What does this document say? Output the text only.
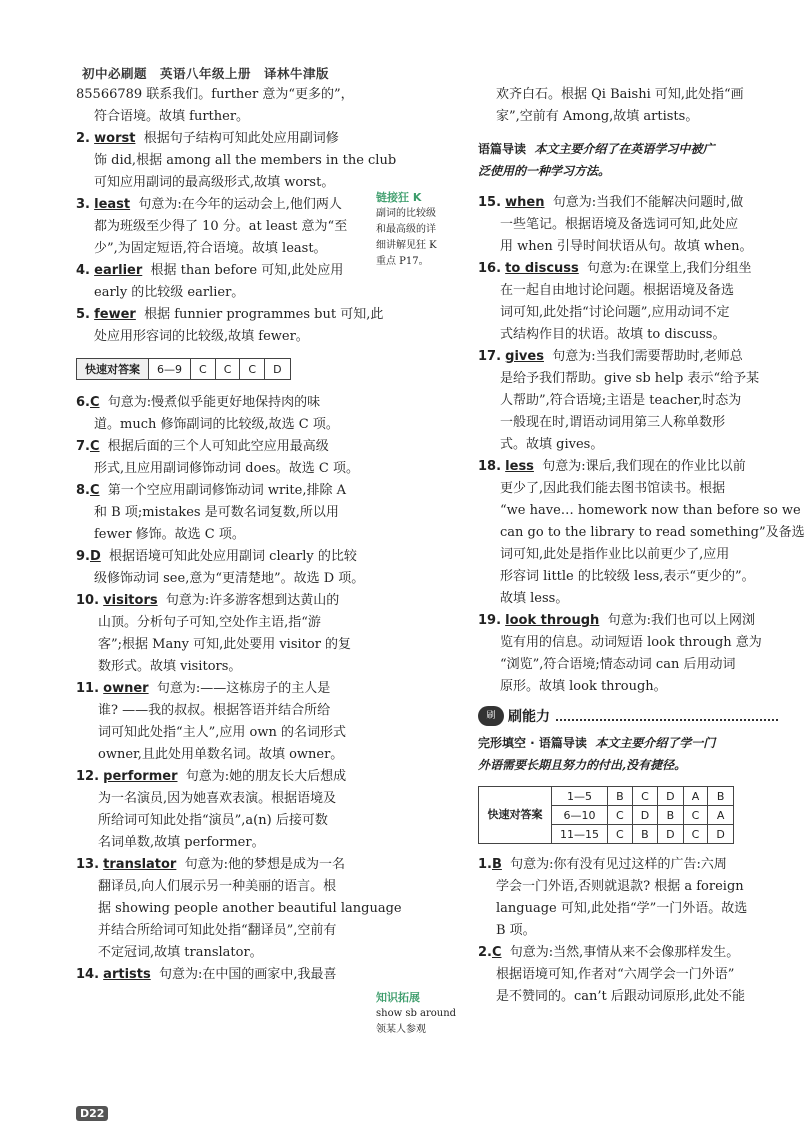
初中必刷题　英语八年级上册　译林牛津版

85566789 联系我们。further 意为“更多的”，

符合语境。故填 further。

2. worst 根据句子结构可知此处应用副词修

饰 did,根据 among all the members in the club

可知应用副词的最高级形式,故填 worst。

3. least 句意为:在今年的运动会上,他们两人

都为班级至少得了 10 分。at least 意为“至

少”,为固定短语,符合语境。故填 least。

4. earlier 根据 than before 可知,此处应用

early 的比较级 earlier。

5. fewer 根据 funnier programmes but 可知,此

处应用形容词的比较级,故填 fewer。

快速对答案	6—9	C	C	C	D

6.C 句意为:慢煮似乎能更好地保持肉的味

道。much 修饰副词的比较级,故选 C 项。

7.C 根据后面的三个人可知此空应用最高级

形式,且应用副词修饰动词 does。故选 C 项。

8.C 第一个空应用副词修饰动词 write,排除 A

和 B 项;mistakes 是可数名词复数,所以用

fewer 修饰。故选 C 项。

9.D 根据语境可知此处应用副词 clearly 的比较

级修饰动词 see,意为“更清楚地”。故选 D 项。

10. visitors 句意为:许多游客想到达黄山的

山顶。分析句子可知,空处作主语,指“游

客”;根据 Many 可知,此处要用 visitor 的复

数形式。故填 visitors。

11. owner 句意为:——这栋房子的主人是

谁? ——我的叔叔。根据答语并结合所给

词可知此处指“主人”,应用 own 的名词形式

owner,且此处用单数名词。故填 owner。

12. performer 句意为:她的朋友长大后想成

为一名演员,因为她喜欢表演。根据语境及

所给词可知此处指“演员”,a(n) 后接可数

名词单数,故填 performer。

13. translator 句意为:他的梦想是成为一名

翻译员,向人们展示另一种美丽的语言。根

据 showing people another beautiful language

并结合所给词可知此处指“翻译员”,空前有

不定冠词,故填 translator。

14. artists 句意为:在中国的画家中,我最喜

链接狂 K
副词的比较级
和最高级的详
细讲解见狂 K
重点 P17。
知识拓展
show sb around
领某人参观

欢齐白石。根据 Qi Baishi 可知,此处指“画

家”,空前有 Among,故填 artists。

语篇导读 本文主要介绍了在英语学习中被广
泛使用的一种学习方法。

15. when 句意为:当我们不能解决问题时,做

一些笔记。根据语境及备选词可知,此处应

用 when 引导时间状语从句。故填 when。

16. to discuss 句意为:在课堂上,我们分组坐

在一起自由地讨论问题。根据语境及备选

词可知,此处指“讨论问题”,应用动词不定

式结构作目的状语。故填 to discuss。

17. gives 句意为:当我们需要帮助时,老师总

是给予我们帮助。give sb help 表示“给予某

人帮助”,符合语境;主语是 teacher,时态为

一般现在时,谓语动词用第三人称单数形

式。故填 gives。

18. less 句意为:课后,我们现在的作业比以前

更少了,因此我们能去图书馆读书。根据

“we have… homework now than before so we

can go to the library to read something”及备选

词可知,此处是指作业比以前更少了,应用

形容词 little 的比较级 less,表示“更少的”。

故填 less。

19. look through 句意为:我们也可以上网浏

览有用的信息。动词短语 look through 意为

“浏览”,符合语境;情态动词 can 后用动词

原形。故填 look through。

刷 刷能力
完形填空 · 语篇导读 本文主要介绍了学一门
外语需要长期且努力的付出,没有捷径。
快速对答案	1—5	B	C	D	A	B
	6—10	C	D	B	C	A
	11—15	C	B	D	C	D

1.B 句意为:你有没有见过这样的广告:六周

学会一门外语,否则就退款? 根据 a foreign

language 可知,此处指“学”一门外语。故选

B 项。

2.C 句意为:当然,事情从来不会像那样发生。

根据语境可知,作者对“六周学会一门外语”

是不赞同的。can’t 后跟动词原形,此处不能

D22
